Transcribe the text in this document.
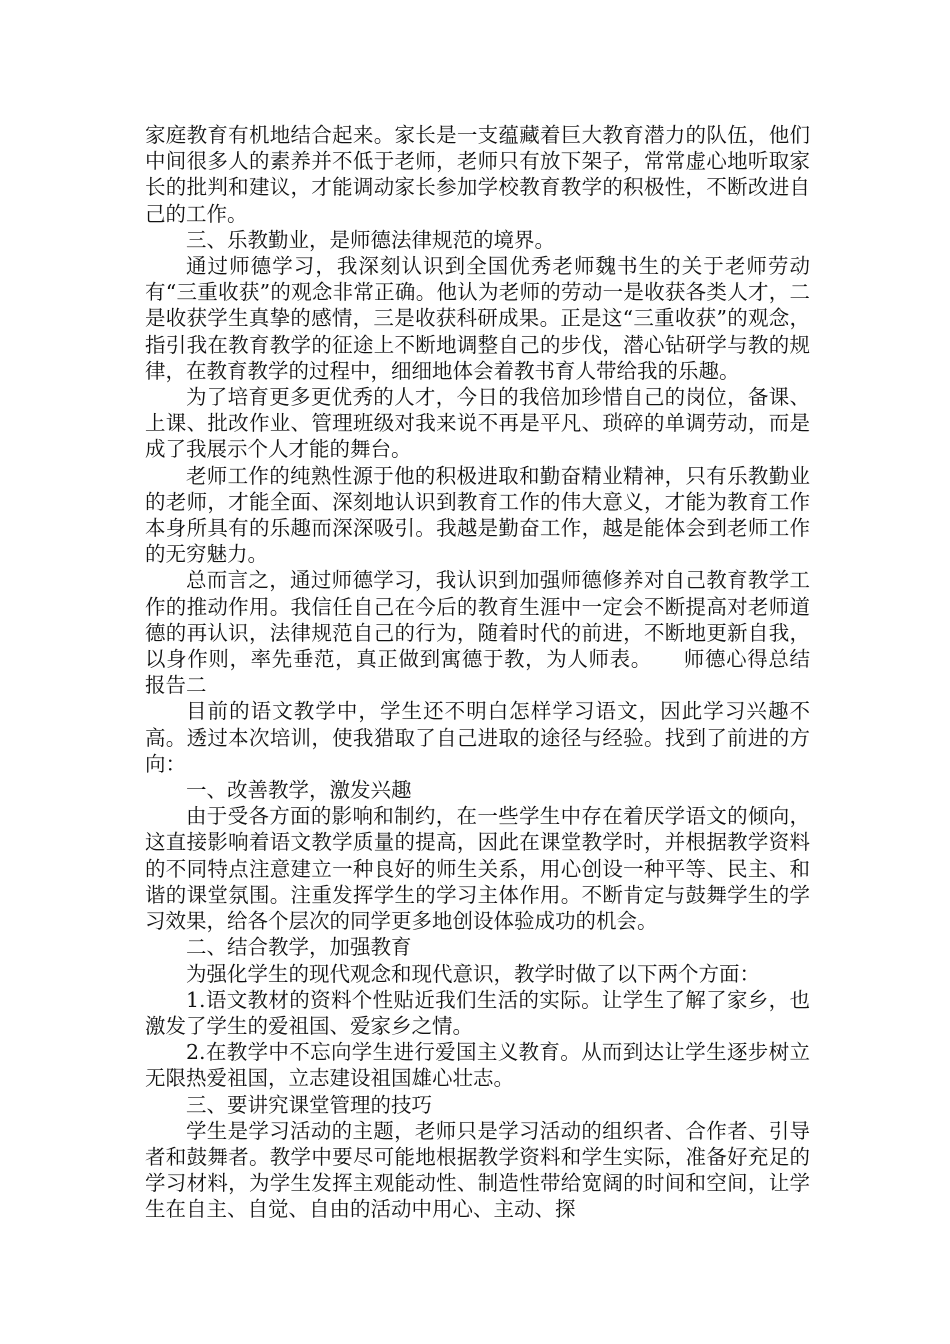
家庭教育有机地结合起来。家长是一支蕴藏着巨大教育潜力的队伍，他们中间很多人的素养并不低于老师，老师只有放下架子，常常虚心地听取家长的批判和建议，才能调动家长参加学校教育教学的积极性，不断改进自己的工作。

三、乐教勤业，是师德法律规范的境界。

通过师德学习，我深刻认识到全国优秀老师魏书生的关于老师劳动有“三重收获”的观念非常正确。他认为老师的劳动一是收获各类人才，二是收获学生真挚的感情，三是收获科研成果。正是这“三重收获”的观念，指引我在教育教学的征途上不断地调整自己的步伐，潜心钻研学与教的规律，在教育教学的过程中，细细地体会着教书育人带给我的乐趣。

为了培育更多更优秀的人才，今日的我倍加珍惜自己的岗位，备课、上课、批改作业、管理班级对我来说不再是平凡、琐碎的单调劳动，而是成了我展示个人才能的舞台。

老师工作的纯熟性源于他的积极进取和勤奋精业精神，只有乐教勤业的老师，才能全面、深刻地认识到教育工作的伟大意义，才能为教育工作本身所具有的乐趣而深深吸引。我越是勤奋工作，越是能体会到老师工作的无穷魅力。

总而言之，通过师德学习，我认识到加强师德修养对自己教育教学工作的推动作用。我信任自己在今后的教育生涯中一定会不断提高对老师道德的再认识，法律规范自己的行为，随着时代的前进，不断地更新自我，以身作则，率先垂范，真正做到寓德于教，为人师表。　　师德心得总结报告二

目前的语文教学中，学生还不明白怎样学习语文，因此学习兴趣不高。透过本次培训，使我猎取了自己进取的途径与经验。找到了前进的方向：

一、改善教学，激发兴趣

由于受各方面的影响和制约，在一些学生中存在着厌学语文的倾向，这直接影响着语文教学质量的提高，因此在课堂教学时，并根据教学资料的不同特点注意建立一种良好的师生关系，用心创设一种平等、民主、和谐的课堂氛围。注重发挥学生的学习主体作用。不断肯定与鼓舞学生的学习效果，给各个层次的同学更多地创设体验成功的机会。

二、结合教学，加强教育

为强化学生的现代观念和现代意识，教学时做了以下两个方面：

1.语文教材的资料个性贴近我们生活的实际。让学生了解了家乡，也激发了学生的爱祖国、爱家乡之情。

2.在教学中不忘向学生进行爱国主义教育。从而到达让学生逐步树立无限热爱祖国，立志建设祖国雄心壮志。

三、要讲究课堂管理的技巧

学生是学习活动的主题，老师只是学习活动的组织者、合作者、引导者和鼓舞者。教学中要尽可能地根据教学资料和学生实际，准备好充足的学习材料，为学生发挥主观能动性、制造性带给宽阔的时间和空间，让学生在自主、自觉、自由的活动中用心、主动、探
